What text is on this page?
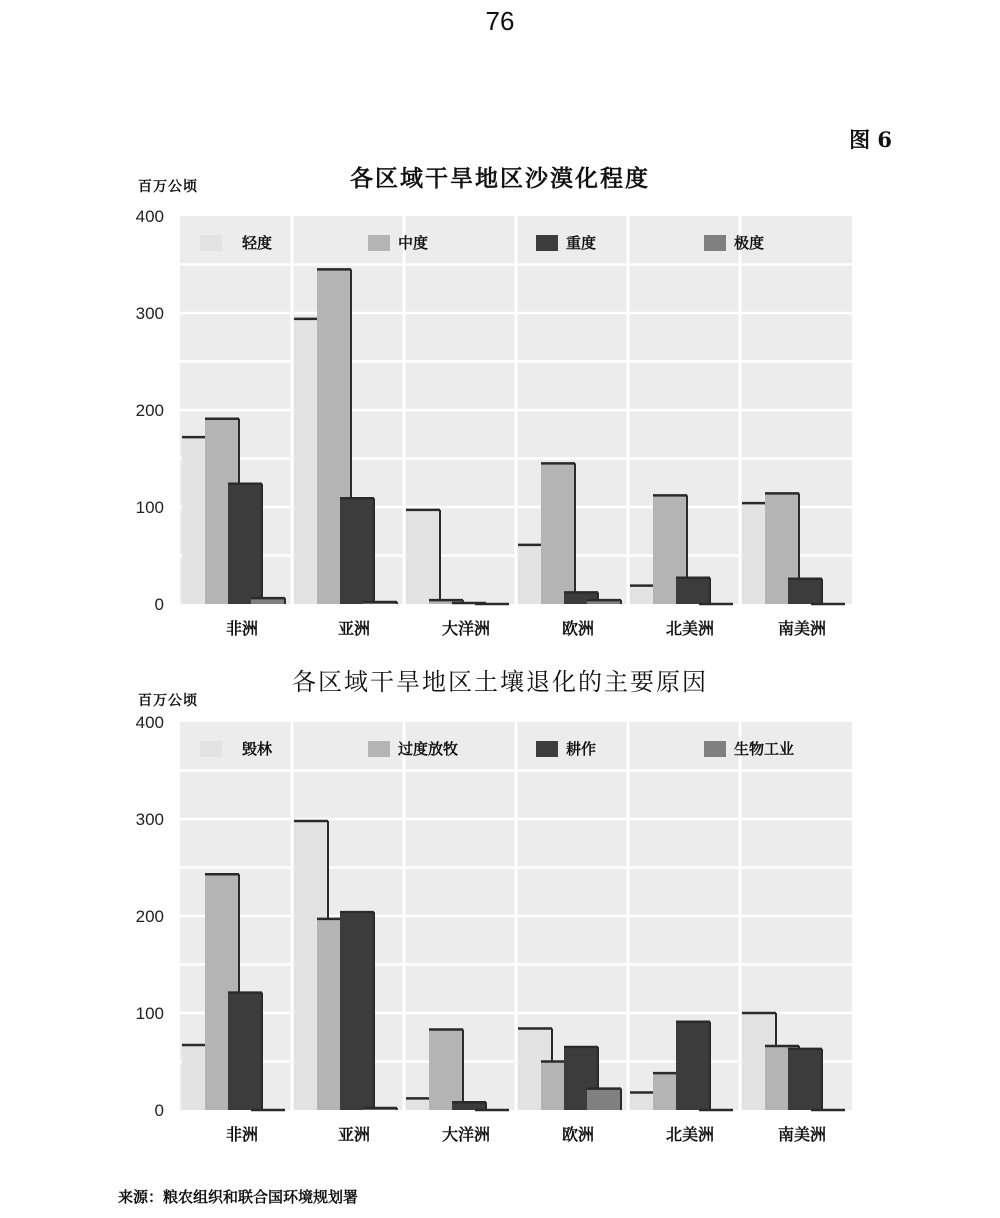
76
图 6
各区域干旱地区沙漠化程度
百万公顷
0
100
200
300
400
轻度	中度	重度	极度
非洲	亚洲	大洋洲	欧洲	北美洲	南美洲
各区域干旱地区土壤退化的主要原因
百万公顷
0
100
200
300
400
毁林	过度放牧	耕作	生物工业
非洲	亚洲	大洋洲	欧洲	北美洲	南美洲
来源：粮农组织和联合国环境规划署
